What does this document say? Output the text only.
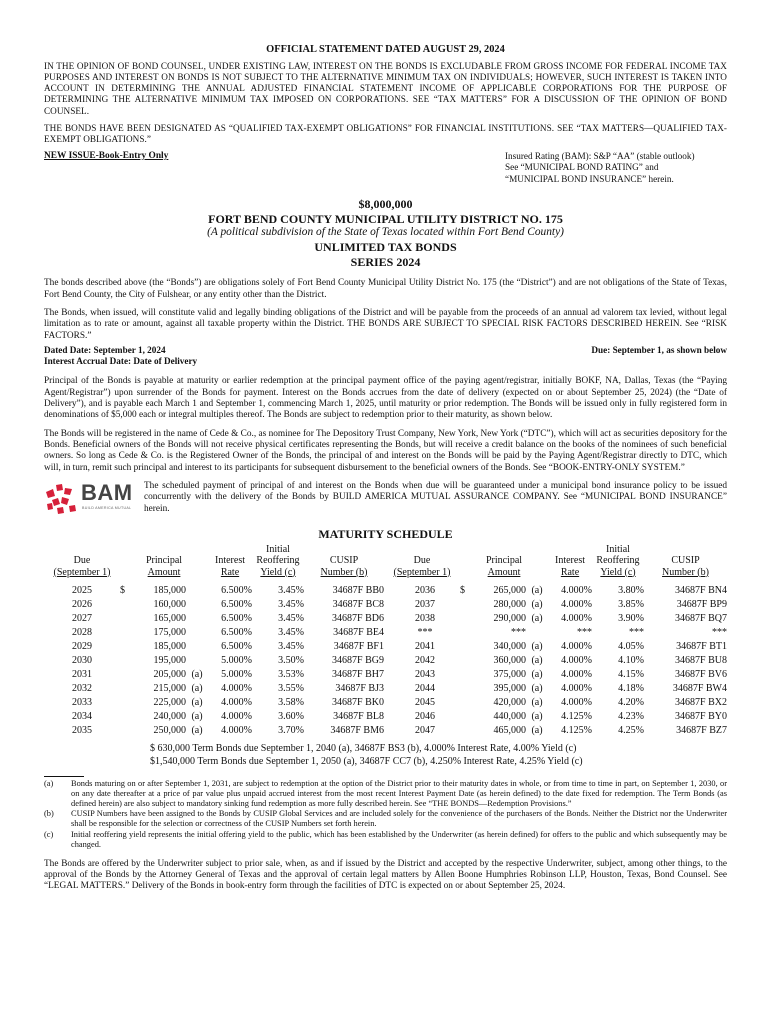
OFFICIAL STATEMENT DATED AUGUST 29, 2024

IN THE OPINION OF BOND COUNSEL, UNDER EXISTING LAW, INTEREST ON THE BONDS IS EXCLUDABLE FROM GROSS INCOME FOR FEDERAL INCOME TAX PURPOSES AND INTEREST ON BONDS IS NOT SUBJECT TO THE ALTERNATIVE MINIMUM TAX ON INDIVIDUALS; HOWEVER, SUCH INTEREST IS TAKEN INTO ACCOUNT IN DETERMINING THE ANNUAL ADJUSTED FINANCIAL STATEMENT INCOME OF APPLICABLE CORPORATIONS FOR THE PURPOSE OF DETERMINING THE ALTERNATIVE MINIMUM TAX IMPOSED ON CORPORATIONS. SEE “TAX MATTERS” FOR A DISCUSSION OF THE OPINION OF BOND COUNSEL.

THE BONDS HAVE BEEN DESIGNATED AS “QUALIFIED TAX-EXEMPT OBLIGATIONS” FOR FINANCIAL INSTITUTIONS. SEE “TAX MATTERS—QUALIFIED TAX-EXEMPT OBLIGATIONS.”

NEW ISSUE-Book-Entry Only	Insured Rating (BAM): S&P “AA” (stable outlook)
See “MUNICIPAL BOND RATING” and
“MUNICIPAL BOND INSURANCE” herein.
$8,000,000
FORT BEND COUNTY MUNICIPAL UTILITY DISTRICT NO. 175
(A political subdivision of the State of Texas located within Fort Bend County)
UNLIMITED TAX BONDS
SERIES 2024

The bonds described above (the “Bonds”) are obligations solely of Fort Bend County Municipal Utility District No. 175 (the “District”) and are not obligations of the State of Texas, Fort Bend County, the City of Fulshear, or any entity other than the District.

The Bonds, when issued, will constitute valid and legally binding obligations of the District and will be payable from the proceeds of an annual ad valorem tax levied, without legal limitation as to rate or amount, against all taxable property within the District. THE BONDS ARE SUBJECT TO SPECIAL RISK FACTORS DESCRIBED HEREIN. See “RISK FACTORS.”

Dated Date: September 1, 2024
Interest Accrual Date: Date of Delivery
Due: September 1, as shown below

Principal of the Bonds is payable at maturity or earlier redemption at the principal payment office of the paying agent/registrar, initially BOKF, NA, Dallas, Texas (the “Paying Agent/Registrar”) upon surrender of the Bonds for payment. Interest on the Bonds accrues from the date of delivery (expected on or about September 25, 2024) (the “Date of Delivery”), and is payable each March 1 and September 1, commencing March 1, 2025, until maturity or prior redemption. The Bonds will be issued only in fully registered form in denominations of $5,000 each or integral multiples thereof. The Bonds are subject to redemption prior to their maturity, as shown below.

The Bonds will be registered in the name of Cede & Co., as nominee for The Depository Trust Company, New York, New York (“DTC”), which will act as securities depository for the Bonds. Beneficial owners of the Bonds will not receive physical certificates representing the Bonds, but will receive a credit balance on the books of the nominees of such beneficial owners. So long as Cede & Co. is the Registered Owner of the Bonds, the principal of and interest on the Bonds will be paid by the Paying Agent/Registrar directly to DTC, which will, in turn, remit such principal and interest to its participants for subsequent disbursement to the beneficial owners of the Bonds. See “BOOK-ENTRY-ONLY SYSTEM.”

BAM
BUILD AMERICA MUTUAL
The scheduled payment of principal of and interest on the Bonds when due will be guaranteed under a municipal bond insurance policy to be issued concurrently with the delivery of the Bonds by BUILD AMERICA MUTUAL ASSURANCE COMPANY. See “MUNICIPAL BOND INSURANCE” herein.
MATURITY SCHEDULE
Due
(September 1)	Principal
Amount			Interest
Rate	Initial
Reoffering
Yield (c)	CUSIP
Number (b)	Due
(September 1)	Principal
Amount			Interest
Rate	Initial
Reoffering
Yield (c)	CUSIP
Number (b)

2025	$	185,000		6.500%	3.45%	34687F BB0	2036	$	265,000	(a)	4.000%	3.80%	34687F BN4
2026		160,000		6.500%	3.45%	34687F BC8	2037		280,000	(a)	4.000%	3.85%	34687F BP9
2027		165,000		6.500%	3.45%	34687F BD6	2038		290,000	(a)	4.000%	3.90%	34687F BQ7
2028		175,000		6.500%	3.45%	34687F BE4	***		***		***	***	***
2029		185,000		6.500%	3.45%	34687F BF1	2041		340,000	(a)	4.000%	4.05%	34687F BT1
2030		195,000		5.000%	3.50%	34687F BG9	2042		360,000	(a)	4.000%	4.10%	34687F BU8
2031		205,000	(a)	5.000%	3.53%	34687F BH7	2043		375,000	(a)	4.000%	4.15%	34687F BV6
2032		215,000	(a)	4.000%	3.55%	34687F BJ3	2044		395,000	(a)	4.000%	4.18%	34687F BW4
2033		225,000	(a)	4.000%	3.58%	34687F BK0	2045		420,000	(a)	4.000%	4.20%	34687F BX2
2034		240,000	(a)	4.000%	3.60%	34687F BL8	2046		440,000	(a)	4.125%	4.23%	34687F BY0
2035		250,000	(a)	4.000%	3.70%	34687F BM6	2047		465,000	(a)	4.125%	4.25%	34687F BZ7
$ 630,000 Term Bonds due September 1, 2040 (a), 34687F BS3 (b), 4.000% Interest Rate, 4.00% Yield (c)
$1,540,000 Term Bonds due September 1, 2050 (a), 34687F CC7 (b), 4.250% Interest Rate, 4.25% Yield (c)
(a)	Bonds maturing on or after September 1, 2031, are subject to redemption at the option of the District prior to their maturity dates in whole, or from time to time in part, on September 1, 2030, or on any date thereafter at a price of par value plus unpaid accrued interest from the most recent Interest Payment Date (as herein defined) to the date fixed for redemption. The Term Bonds (as defined herein) are also subject to mandatory sinking fund redemption as more fully described herein. See “THE BONDS—Redemption Provisions.”
(b)	CUSIP Numbers have been assigned to the Bonds by CUSIP Global Services and are included solely for the convenience of the purchasers of the Bonds. Neither the District nor the Underwriter shall be responsible for the selection or correctness of the CUSIP Numbers set forth herein.
(c)	Initial reoffering yield represents the initial offering yield to the public, which has been established by the Underwriter (as herein defined) for offers to the public and which subsequently may be changed.

The Bonds are offered by the Underwriter subject to prior sale, when, as and if issued by the District and accepted by the respective Underwriter, subject, among other things, to the approval of the Bonds by the Attorney General of Texas and the approval of certain legal matters by Allen Boone Humphries Robinson LLP, Houston, Texas, Bond Counsel. See “LEGAL MATTERS.” Delivery of the Bonds in book-entry form through the facilities of DTC is expected on or about September 25, 2024.
